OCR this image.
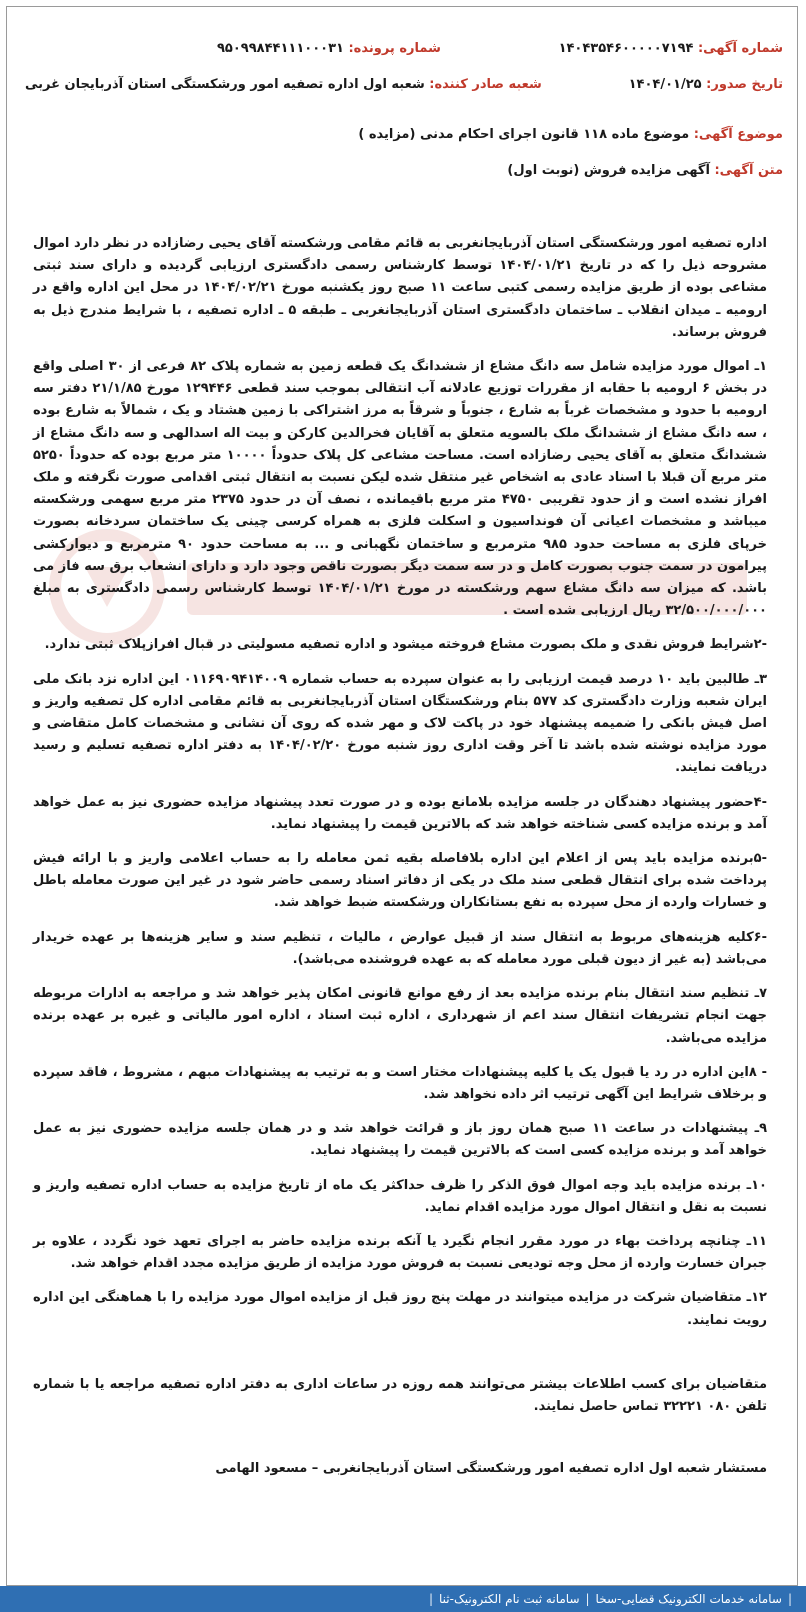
شماره آگهی: ۱۴۰۴۳۵۴۶۰۰۰۰۰۷۱۹۴
شماره پرونده: ۹۵۰۹۹۸۴۴۱۱۱۰۰۰۳۱
تاریخ صدور: ۱۴۰۴/۰۱/۲۵
شعبه صادر کننده: شعبه اول اداره تصفیه امور ورشکستگی استان آذربایجان غربی
موضوع آگهی: موضوع ماده ۱۱۸ قانون اجرای احکام مدنی (مزایده )
متن آگهی: آگهی مزایده فروش (نوبت اول)

اداره تصفیه امور ورشکستگی استان آذربایجانغربی به قائم مقامی ورشکسته آقای یحیی رضازاده در نظر دارد اموال مشروحه ذیل را که در تاریخ ۱۴۰۴/۰۱/۲۱ توسط کارشناس رسمی دادگستری ارزیابی گردیده و دارای سند ثبتی مشاعی بوده از طریق مزایده رسمی کتبی ساعت ۱۱ صبح روز یکشنبه مورخ ۱۴۰۴/۰۲/۲۱ در محل این اداره واقع در ارومیه ـ میدان انقلاب ـ ساختمان دادگستری استان آذربایجانغربی ـ طبقه ۵ ـ اداره تصفیه ، با شرایط مندرج ذیل به فروش برساند.

۱ـ اموال مورد مزایده شامل سه دانگ مشاع از ششدانگ یک قطعه زمین به شماره پلاک ۸۲ فرعی از ۳۰ اصلی واقع در بخش ۶ ارومیه با حقابه از مقررات توزیع عادلانه آب انتقالی بموجب سند قطعی ۱۲۹۴۴۶ مورخ ۲۱/۱/۸۵ دفتر سه ارومیه با حدود و مشخصات غرباً به شارع ، جنوباً و شرقاً به مرز اشتراکی با زمین هشتاد و یک ، شمالاً به شارع بوده ، سه دانگ مشاع از ششدانگ ملک بالسویه متعلق به آقایان فخرالدین کارکن و بیت اله اسدالهی و سه دانگ مشاع از ششدانگ متعلق به آقای یحیی رضازاده است. مساحت مشاعی کل پلاک حدوداً ۱۰۰۰۰ متر مربع بوده که حدوداً ۵۲۵۰ متر مربع آن قبلا با اسناد عادی به اشخاص غیر منتقل شده لیکن نسبت به انتقال ثبتی اقدامی صورت نگرفته و ملک افراز نشده است و از حدود تقریبی ۴۷۵۰ متر مربع باقیمانده ، نصف آن در حدود ۲۳۷۵ متر مربع سهمی ورشکسته میباشد و مشخصات اعیانی آن فونداسیون و اسکلت فلزی به همراه کرسی چینی یک ساختمان سردخانه بصورت خرپای فلزی به مساحت حدود ۹۸۵ مترمربع و ساختمان نگهبانی و ... به مساحت حدود ۹۰ مترمربع و دیوارکشی پیرامون در سمت جنوب بصورت کامل و در سه سمت دیگر بصورت ناقص وجود دارد و دارای انشعاب برق سه فاز می باشد. که میزان سه دانگ مشاع سهم ورشکسته در مورخ ۱۴۰۴/۰۱/۲۱ توسط کارشناس رسمی دادگستری به مبلغ ۳۲/۵۰۰/۰۰۰/۰۰۰ ریال ارزیابی شده است .

-۲شرایط فروش نقدی و ملک بصورت مشاع فروخته میشود و اداره تصفیه مسولیتی در قبال افرازپلاک ثبتی ندارد.

۳ـ طالبین باید ۱۰ درصد قیمت ارزیابی را به عنوان سپرده به حساب شماره ۰۱۱۶۹۰۹۴۱۴۰۰۹ این اداره نزد بانک ملی ایران شعبه وزارت دادگستری کد ۵۷۷ بنام ورشکستگان استان آذربایجانغربی به قائم مقامی اداره کل تصفیه واریز و اصل فیش بانکی را ضمیمه پیشنهاد خود در پاکت لاک و مهر شده که روی آن نشانی و مشخصات کامل متقاضی و مورد مزایده نوشته شده باشد تا آخر وقت اداری روز شنبه مورخ ۱۴۰۴/۰۲/۲۰ به دفتر اداره تصفیه تسلیم و رسید دریافت نمایند.

-۴حضور پیشنهاد دهندگان در جلسه مزایده بلامانع بوده و در صورت تعدد پیشنهاد مزایده حضوری نیز به عمل خواهد آمد و برنده مزایده کسی شناخته خواهد شد که بالاترین قیمت را پیشنهاد نماید.

-۵برنده مزایده باید پس از اعلام این اداره بلافاصله بقیه ثمن معامله را به حساب اعلامی واریز و با ارائه فیش پرداخت شده برای انتقال قطعی سند ملک در یکی از دفاتر اسناد رسمی حاضر شود در غیر این صورت معامله باطل و خسارات وارده از محل سپرده به نفع بستانکاران ورشکسته ضبط خواهد شد.

-۶کلیه هزینه‌های مربوط به انتقال سند از قبیل عوارض ، مالیات ، تنظیم سند و سایر هزینه‌ها بر عهده خریدار می‌باشد (به غیر از دیون قبلی مورد معامله که به عهده فروشنده می‌باشد).

۷ـ تنظیم سند انتقال بنام برنده مزایده بعد از رفع موانع قانونی امکان پذیر خواهد شد و مراجعه به ادارات مربوطه جهت انجام تشریفات انتقال سند اعم از شهرداری ، اداره ثبت اسناد ، اداره امور مالیاتی و غیره بر عهده برنده مزایده می‌باشد.

- ۸این اداره در رد یا قبول یک یا کلیه پیشنهادات مختار است و به ترتیب به پیشنهادات مبهم ، مشروط ، فاقد سپرده و برخلاف شرایط این آگهی ترتیب اثر داده نخواهد شد.

۹ـ پیشنهادات در ساعت ۱۱ صبح همان روز باز و قرائت خواهد شد و در همان جلسه مزایده حضوری نیز به عمل خواهد آمد و برنده مزایده کسی است که بالاترین قیمت را پیشنهاد نماید.

۱۰ـ برنده مزایده باید وجه اموال فوق الذکر را ظرف حداکثر یک ماه از تاریخ مزایده به حساب اداره تصفیه واریز و نسبت به نقل و انتقال اموال مورد مزایده اقدام نماید.

۱۱ـ چنانچه پرداخت بهاء در مورد مقرر انجام نگیرد یا آنکه برنده مزایده حاضر به اجرای تعهد خود نگردد ، علاوه بر جبران خسارت وارده از محل وجه تودیعی نسبت به فروش مورد مزایده از طریق مزایده مجدد اقدام خواهد شد.

۱۲ـ متقاضیان شرکت در مزایده میتوانند در مهلت پنج روز قبل از مزایده اموال مورد مزایده را با هماهنگی این اداره رویت نمایند.

متقاضیان برای کسب اطلاعات بیشتر می‌توانند همه روزه در ساعات اداری به دفتر اداره تصفیه مراجعه یا با شماره تلفن ۰۸۰ ۳۲۲۲۱ تماس حاصل نمایند.

مستشار شعبه اول اداره تصفیه امور ورشکستگی استان آذربایجانغربی – مسعود الهامی

|
سامانه خدمات الکترونیک قضایی-سخا
|
سامانه ثبت نام الکترونیک-ثنا
|
